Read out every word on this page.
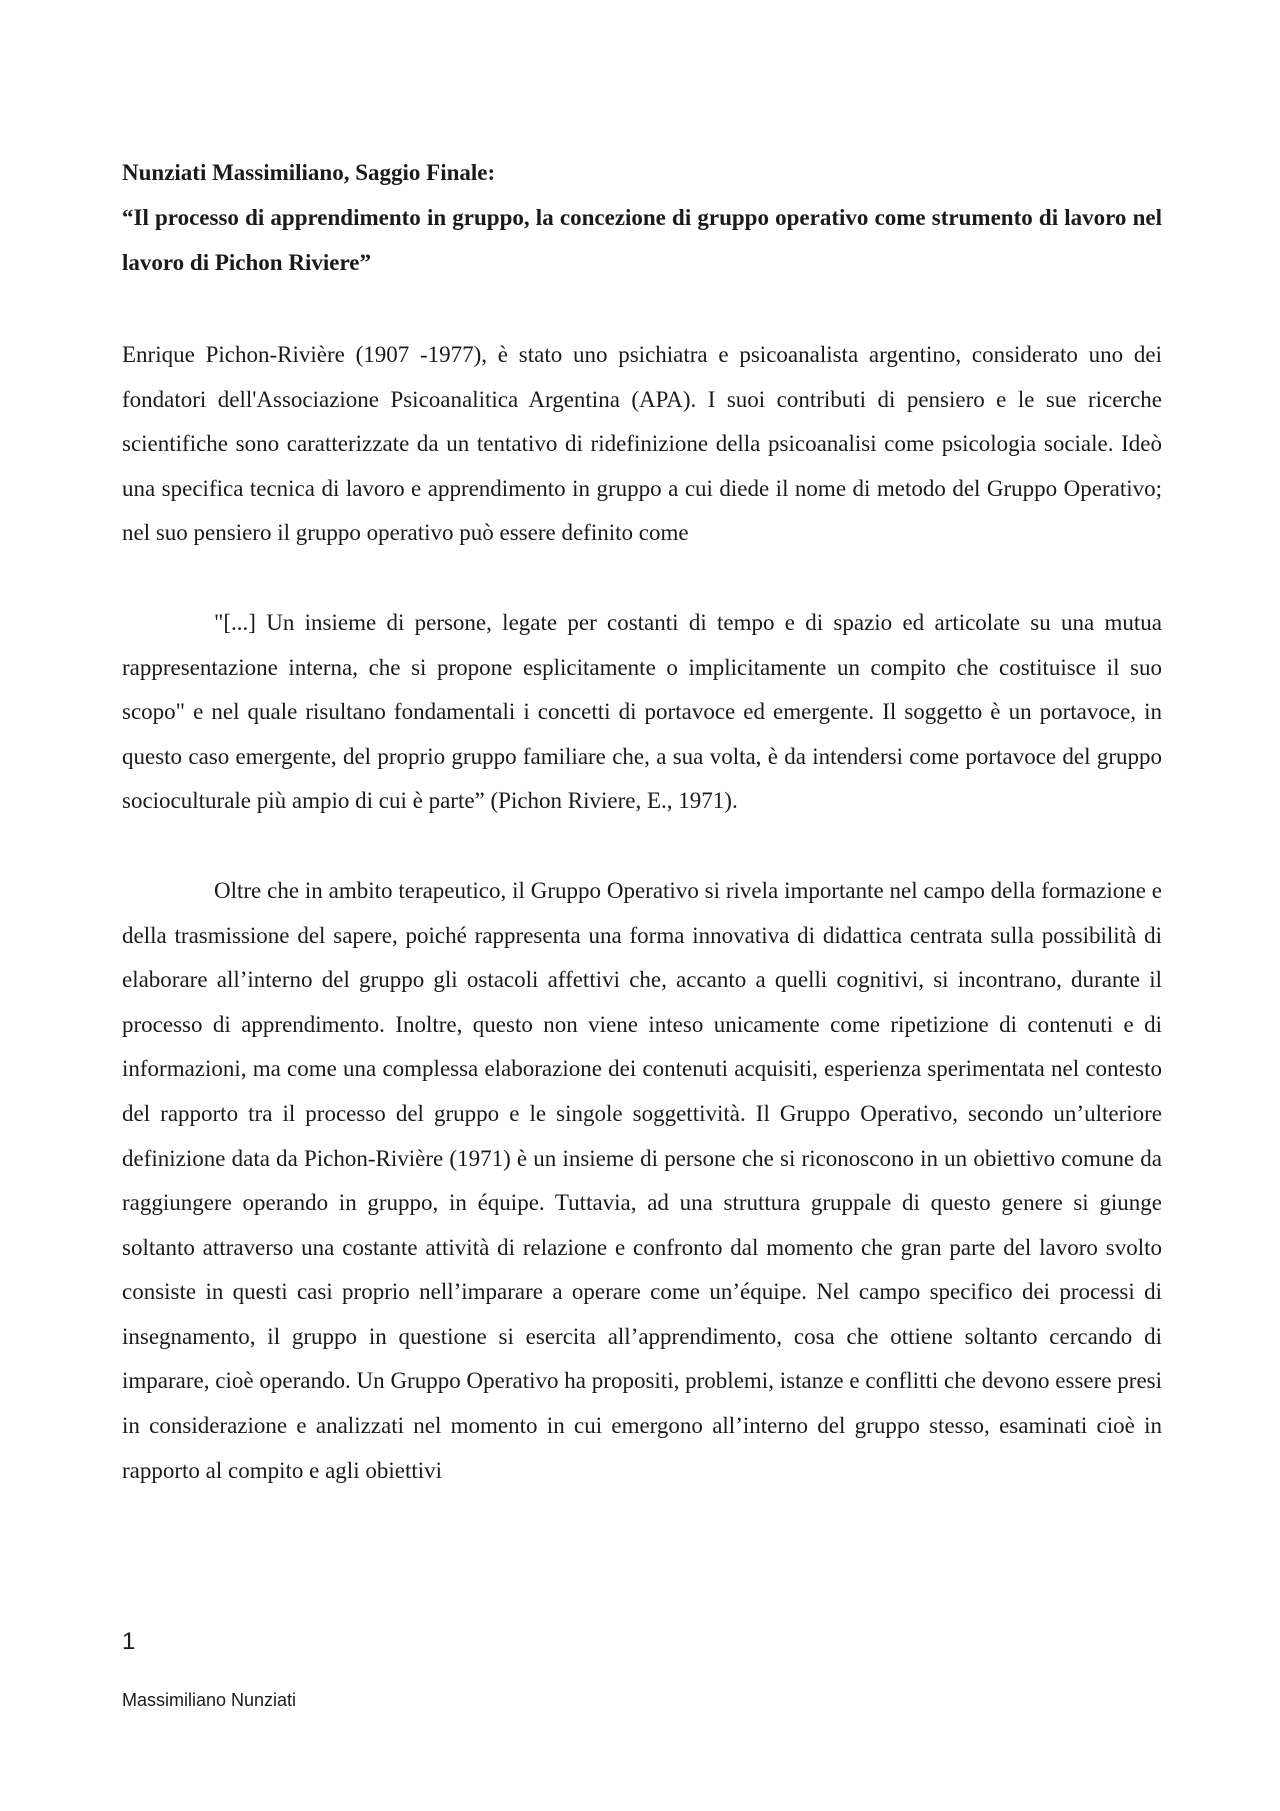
Nunziati Massimiliano, Saggio Finale:

“Il processo di apprendimento in gruppo, la concezione di gruppo operativo come strumento di lavoro nel lavoro di Pichon Riviere”

Enrique Pichon-Rivière (1907 -1977), è stato uno psichiatra e psicoanalista argentino, considerato uno dei fondatori dell'Associazione Psicoanalitica Argentina (APA). I suoi contributi di pensiero e le sue ricerche scientifiche sono caratterizzate da un tentativo di ridefinizione della psicoanalisi come psicologia sociale. Ideò una specifica tecnica di lavoro e apprendimento in gruppo a cui diede il nome di metodo del Gruppo Operativo; nel suo pensiero il gruppo operativo può essere definito come

"[...] Un insieme di persone, legate per costanti di tempo e di spazio ed articolate su una mutua rappresentazione interna, che si propone esplicitamente o implicitamente un compito che costituisce il suo scopo" e nel quale risultano fondamentali i concetti di portavoce ed emergente. Il soggetto è un portavoce, in questo caso emergente, del proprio gruppo familiare che, a sua volta, è da intendersi come portavoce del gruppo socioculturale più ampio di cui è parte” (Pichon Riviere, E., 1971).

Oltre che in ambito terapeutico, il Gruppo Operativo si rivela importante nel campo della formazione e della trasmissione del sapere, poiché rappresenta una forma innovativa di didattica centrata sulla possibilità di elaborare all’interno del gruppo gli ostacoli affettivi che, accanto a quelli cognitivi, si incontrano, durante il processo di apprendimento. Inoltre, questo non viene inteso unicamente come ripetizione di contenuti e di informazioni, ma come una complessa elaborazione dei contenuti acquisiti, esperienza sperimentata nel contesto del rapporto tra il processo del gruppo e le singole soggettività. Il Gruppo Operativo, secondo un’ulteriore definizione data da Pichon-Rivière (1971) è un insieme di persone che si riconoscono in un obiettivo comune da raggiungere operando in gruppo, in équipe. Tuttavia, ad una struttura gruppale di questo genere si giunge soltanto attraverso una costante attività di relazione e confronto dal momento che gran parte del lavoro svolto consiste in questi casi proprio nell’imparare a operare come un’équipe. Nel campo specifico dei processi di insegnamento, il gruppo in questione si esercita all’apprendimento, cosa che ottiene soltanto cercando di imparare, cioè operando. Un Gruppo Operativo ha propositi, problemi, istanze e conflitti che devono essere presi in considerazione e analizzati nel momento in cui emergono all’interno del gruppo stesso, esaminati cioè in rapporto al compito e agli obiettivi

1

Massimiliano Nunziati
